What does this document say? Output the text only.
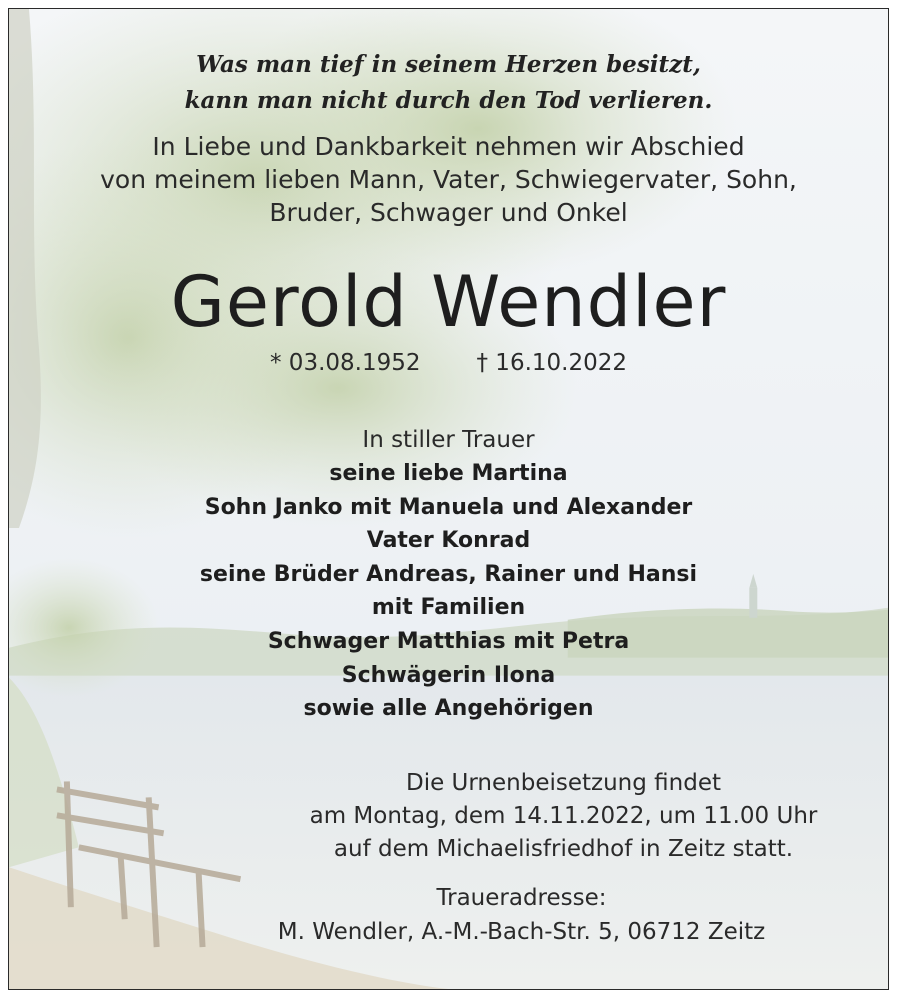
Was man tief in seinem Herzen besitzt,
kann man nicht durch den Tod verlieren.
In Liebe und Dankbarkeit nehmen wir Abschied
von meinem lieben Mann, Vater, Schwiegervater, Sohn,
Bruder, Schwager und Onkel
Gerold Wendler
* 03.08.1952 † 16.10.2022
In stiller Trauer
seine liebe Martina
Sohn Janko mit Manuela und Alexander
Vater Konrad
seine Brüder Andreas, Rainer und Hansi
mit Familien
Schwager Matthias mit Petra
Schwägerin Ilona
sowie alle Angehörigen
Die Urnenbeisetzung findet
am Montag, dem 14.11.2022, um 11.00 Uhr
auf dem Michaelisfriedhof in Zeitz statt.
Traueradresse:
M. Wendler, A.-M.-Bach-Str. 5, 06712 Zeitz
